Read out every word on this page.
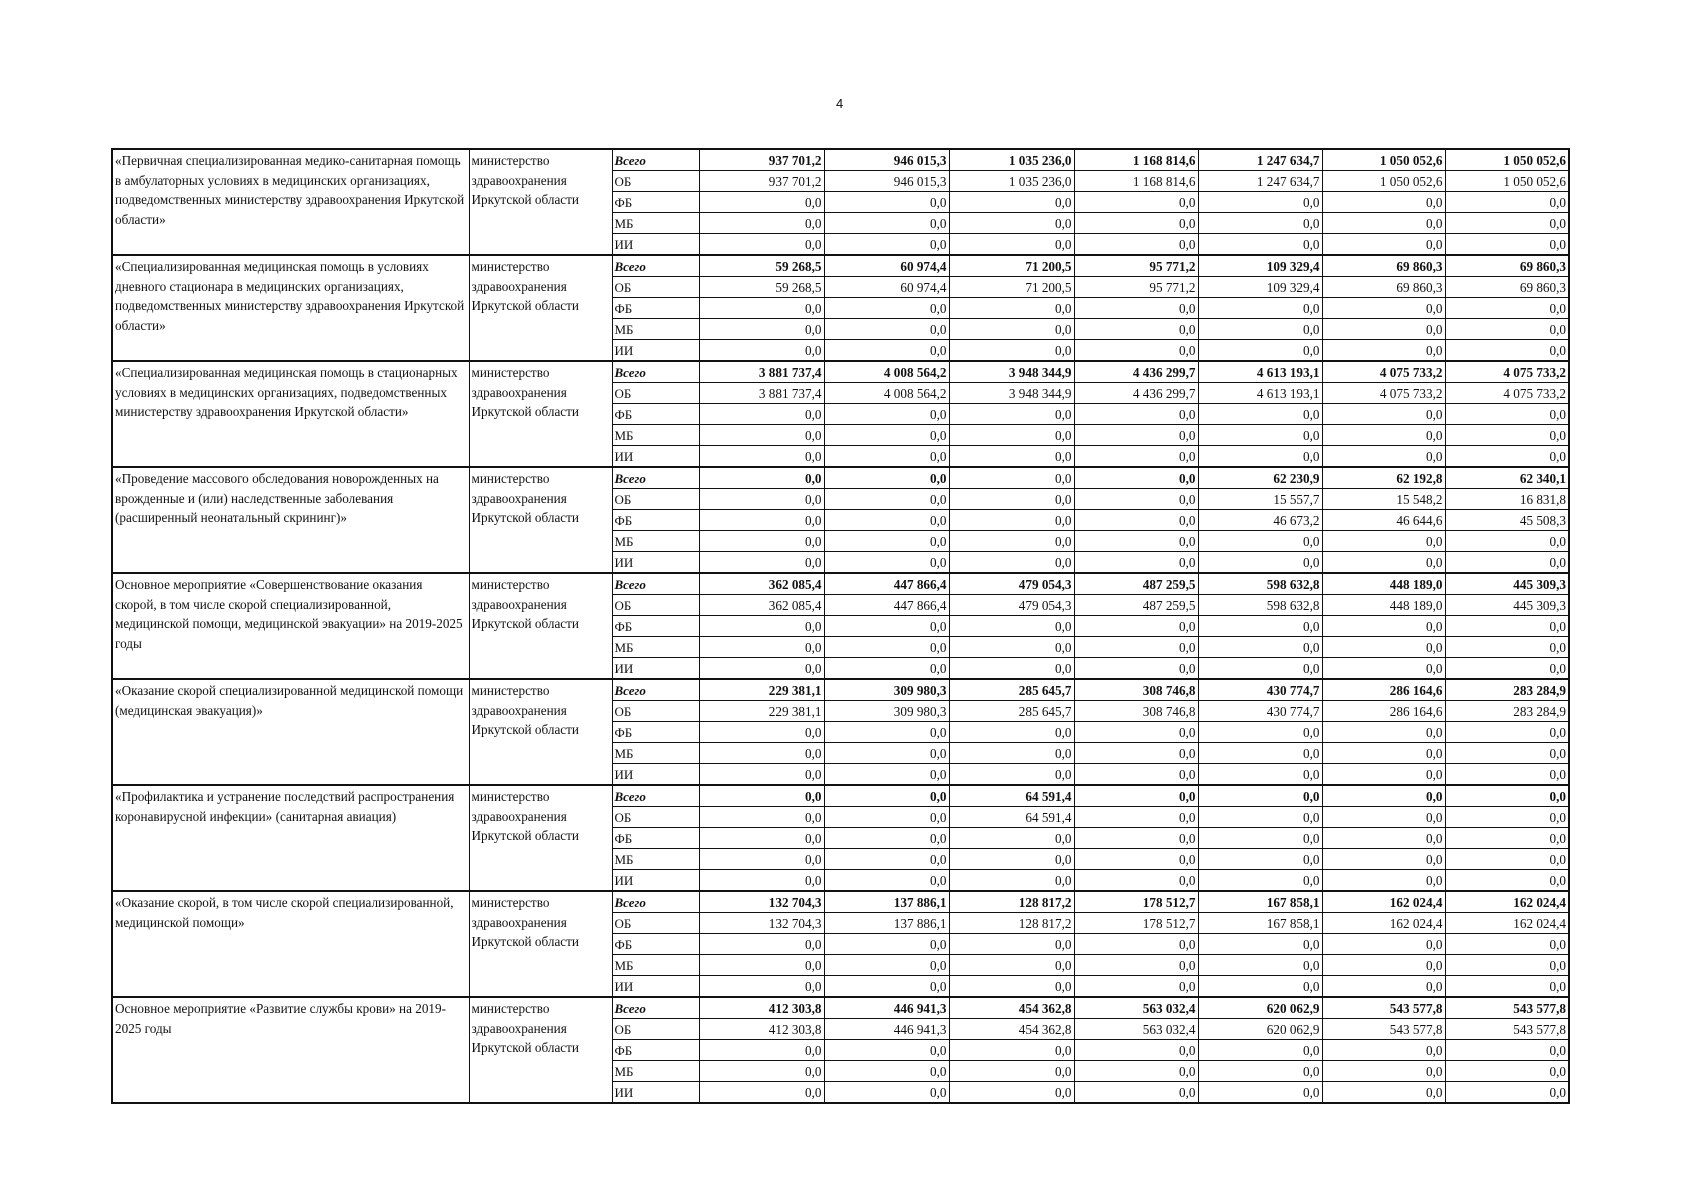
4
«Первичная специализированная медико-санитарная помощь в амбулаторных условиях в медицинских организациях, подведомственных министерству здравоохранения Иркутской области»	министерство здравоохранения Иркутской области	Всего	937 701,2	946 015,3	1 035 236,0	1 168 814,6	1 247 634,7	1 050 052,6	1 050 052,6
		ОБ	937 701,2	946 015,3	1 035 236,0	1 168 814,6	1 247 634,7	1 050 052,6	1 050 052,6
		ФБ	0,0	0,0	0,0	0,0	0,0	0,0	0,0
		МБ	0,0	0,0	0,0	0,0	0,0	0,0	0,0
		ИИ	0,0	0,0	0,0	0,0	0,0	0,0	0,0
«Специализированная медицинская помощь в условиях дневного стационара в медицинских организациях, подведомственных министерству здравоохранения Иркутской области»	министерство здравоохранения Иркутской области	Всего	59 268,5	60 974,4	71 200,5	95 771,2	109 329,4	69 860,3	69 860,3
		ОБ	59 268,5	60 974,4	71 200,5	95 771,2	109 329,4	69 860,3	69 860,3
		ФБ	0,0	0,0	0,0	0,0	0,0	0,0	0,0
		МБ	0,0	0,0	0,0	0,0	0,0	0,0	0,0
		ИИ	0,0	0,0	0,0	0,0	0,0	0,0	0,0
«Специализированная медицинская помощь в стационарных условиях в медицинских организациях, подведомственных министерству здравоохранения Иркутской области»	министерство здравоохранения Иркутской области	Всего	3 881 737,4	4 008 564,2	3 948 344,9	4 436 299,7	4 613 193,1	4 075 733,2	4 075 733,2
		ОБ	3 881 737,4	4 008 564,2	3 948 344,9	4 436 299,7	4 613 193,1	4 075 733,2	4 075 733,2
		ФБ	0,0	0,0	0,0	0,0	0,0	0,0	0,0
		МБ	0,0	0,0	0,0	0,0	0,0	0,0	0,0
		ИИ	0,0	0,0	0,0	0,0	0,0	0,0	0,0
«Проведение массового обследования новорожденных на врожденные и (или) наследственные заболевания (расширенный неонатальный скрининг)»	министерство здравоохранения Иркутской области	Всего	0,0	0,0	0,0	0,0	62 230,9	62 192,8	62 340,1
		ОБ	0,0	0,0	0,0	0,0	15 557,7	15 548,2	16 831,8
		ФБ	0,0	0,0	0,0	0,0	46 673,2	46 644,6	45 508,3
		МБ	0,0	0,0	0,0	0,0	0,0	0,0	0,0
		ИИ	0,0	0,0	0,0	0,0	0,0	0,0	0,0
Основное мероприятие «Совершенствование оказания скорой, в том числе скорой специализированной, медицинской помощи, медицинской эвакуации» на 2019-2025 годы	министерство здравоохранения Иркутской области	Всего	362 085,4	447 866,4	479 054,3	487 259,5	598 632,8	448 189,0	445 309,3
		ОБ	362 085,4	447 866,4	479 054,3	487 259,5	598 632,8	448 189,0	445 309,3
		ФБ	0,0	0,0	0,0	0,0	0,0	0,0	0,0
		МБ	0,0	0,0	0,0	0,0	0,0	0,0	0,0
		ИИ	0,0	0,0	0,0	0,0	0,0	0,0	0,0
«Оказание скорой специализированной медицинской помощи (медицинская эвакуация)»	министерство здравоохранения Иркутской области	Всего	229 381,1	309 980,3	285 645,7	308 746,8	430 774,7	286 164,6	283 284,9
		ОБ	229 381,1	309 980,3	285 645,7	308 746,8	430 774,7	286 164,6	283 284,9
		ФБ	0,0	0,0	0,0	0,0	0,0	0,0	0,0
		МБ	0,0	0,0	0,0	0,0	0,0	0,0	0,0
		ИИ	0,0	0,0	0,0	0,0	0,0	0,0	0,0
«Профилактика и устранение последствий распространения коронавирусной инфекции» (санитарная авиация)	министерство здравоохранения Иркутской области	Всего	0,0	0,0	64 591,4	0,0	0,0	0,0	0,0
		ОБ	0,0	0,0	64 591,4	0,0	0,0	0,0	0,0
		ФБ	0,0	0,0	0,0	0,0	0,0	0,0	0,0
		МБ	0,0	0,0	0,0	0,0	0,0	0,0	0,0
		ИИ	0,0	0,0	0,0	0,0	0,0	0,0	0,0
«Оказание скорой, в том числе скорой специализированной, медицинской помощи»	министерство здравоохранения Иркутской области	Всего	132 704,3	137 886,1	128 817,2	178 512,7	167 858,1	162 024,4	162 024,4
		ОБ	132 704,3	137 886,1	128 817,2	178 512,7	167 858,1	162 024,4	162 024,4
		ФБ	0,0	0,0	0,0	0,0	0,0	0,0	0,0
		МБ	0,0	0,0	0,0	0,0	0,0	0,0	0,0
		ИИ	0,0	0,0	0,0	0,0	0,0	0,0	0,0
Основное мероприятие «Развитие службы крови» на 2019-2025 годы	министерство здравоохранения Иркутской области	Всего	412 303,8	446 941,3	454 362,8	563 032,4	620 062,9	543 577,8	543 577,8
		ОБ	412 303,8	446 941,3	454 362,8	563 032,4	620 062,9	543 577,8	543 577,8
		ФБ	0,0	0,0	0,0	0,0	0,0	0,0	0,0
		МБ	0,0	0,0	0,0	0,0	0,0	0,0	0,0
		ИИ	0,0	0,0	0,0	0,0	0,0	0,0	0,0
